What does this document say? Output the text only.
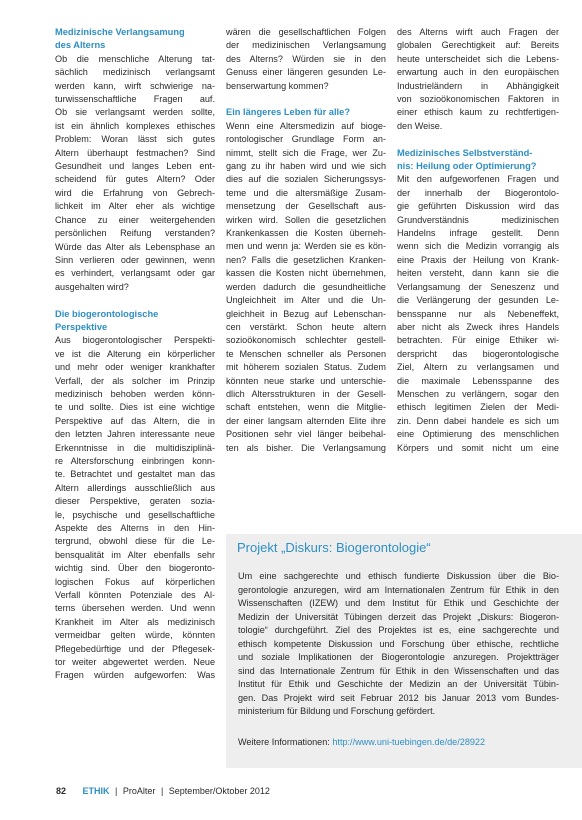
Medizinische Verlangsamung
des Alterns

Ob die menschliche Alterung tat-

sächlich medizinisch verlangsamt

werden kann, wirft schwierige na-

turwissenschaftliche Fragen auf.

Ob sie verlangsamt werden sollte,

ist ein ähnlich komplexes ethisches

Problem: Woran lässt sich gutes

Altern überhaupt festmachen? Sind

Gesundheit und langes Leben ent-

scheidend für gutes Altern? Oder

wird die Erfahrung von Gebrech-

lichkeit im Alter eher als wichtige

Chance zu einer weitergehenden

persönlichen Reifung verstanden?

Würde das Alter als Lebensphase an

Sinn verlieren oder gewinnen, wenn

es verhindert, verlangsamt oder gar

ausgehalten wird?

Die biogerontologische
Perspektive

Aus biogerontologischer Perspekti-

ve ist die Alterung ein körperlicher

und mehr oder weniger krankhafter

Verfall, der als solcher im Prinzip

medizinisch behoben werden könn-

te und sollte. Dies ist eine wichtige

Perspektive auf das Altern, die in

den letzten Jahren interessante neue

Erkenntnisse in die multidisziplinä-

re Altersforschung einbringen konn-

te. Betrachtet und gestaltet man das

Altern allerdings ausschließlich aus

dieser Perspektive, geraten sozia-

le, psychische und gesellschaftliche

Aspekte des Alterns in den Hin-

tergrund, obwohl diese für die Le-

bensqualität im Alter ebenfalls sehr

wichtig sind. Über den biogeronto-

logischen Fokus auf körperlichen

Verfall könnten Potenziale des Al-

terns übersehen werden. Und wenn

Krankheit im Alter als medizinisch

vermeidbar gelten würde, könnten

Pflegebedürftige und der Pflegesek-

tor weiter abgewertet werden. Neue

Fragen würden aufgeworfen: Was

wären die gesellschaftlichen Folgen

der medizinischen Verlangsamung

des Alterns? Würden sie in den

Genuss einer längeren gesunden Le-

benserwartung kommen?

Ein längeres Leben für alle?

Wenn eine Altersmedizin auf biogе-

rontologischer Grundlage Form an-

nimmt, stellt sich die Frage, wer Zu-

gang zu ihr haben wird und wie sich

dies auf die sozialen Sicherungssys-

teme und die altersmäßige Zusam-

mensetzung der Gesellschaft aus-

wirken wird. Sollen die gesetzlichen

Krankenkassen die Kosten überneh-

men und wenn ja: Werden sie es kön-

nen? Falls die gesetzlichen Kranken-

kassen die Kosten nicht übernehmen,

werden dadurch die gesundheitliche

Ungleichheit im Alter und die Un-

gleichheit in Bezug auf Lebenschan-

cen verstärkt. Schon heute altern

sozioökonomisch schlechter gestell-

te Menschen schneller als Personen

mit höherem sozialen Status. Zudem

könnten neue starke und unterschie-

dlich Altersstrukturen in der Gesell-

schaft entstehen, wenn die Mitglie-

der einer langsam alternden Elite ihre

Positionen sehr viel länger beibehal-

ten als bisher. Die Verlangsamung

des Alterns wirft auch Fragen der

globalen Gerechtigkeit auf: Bereits

heute unterscheidet sich die Lebens-

erwartung auch in den europäischen

Industrieländern in Abhängigkeit

von sozioökonomischen Faktoren in

einer ethisch kaum zu rechtfertigen-

den Weise.

Medizinisches Selbstverständ-
nis: Heilung oder Optimierung?

Mit den aufgeworfenen Fragen und

der innerhalb der Biogerontolo-

gie geführten Diskussion wird das

Grundverständnis medizinischen

Handelns infrage gestellt. Denn

wenn sich die Medizin vorrangig als

eine Praxis der Heilung von Krank-

heiten versteht, dann kann sie die

Verlangsamung der Seneszenz und

die Verlängerung der gesunden Le-

bensspanne nur als Nebeneffekt,

aber nicht als Zweck ihres Handels

betrachten. Für einige Ethiker wi-

derspricht das biogerontologische

Ziel, Altern zu verlangsamen und

die maximale Lebensspanne des

Menschen zu verlängern, sogar den

ethisch legitimen Zielen der Medi-

zin. Denn dabei handele es sich um

eine Optimierung des menschlichen

Körpers und somit nicht um eine

Projekt „Diskurs: Biogerontologie“

Um eine sachgerechte und ethisch fundierte Diskussion über die Bio-

gerontologie anzuregen, wird am Internationalen Zentrum für Ethik in den

Wissenschaften (IZEW) und dem Institut für Ethik und Geschichte der

Medizin der Universität Tübingen derzeit das Projekt „Diskurs: Biogeron-

tologie“ durchgeführt. Ziel des Projektes ist es, eine sachgerechte und

ethisch kompetente Diskussion und Forschung über ethische, rechtliche

und soziale Implikationen der Biogerontologie anzuregen. Projektträger

sind das Internationale Zentrum für Ethik in den Wissenschaften und das

Institut für Ethik und Geschichte der Medizin an der Universität Tübin-

gen. Das Projekt wird seit Februar 2012 bis Januar 2013 vom Bundes-

ministerium für Bildung und Forschung gefördert.

Weitere Informationen: http://www.uni-tuebingen.de/de/28922
82 ETHIK | ProAlter | September/Oktober 2012
